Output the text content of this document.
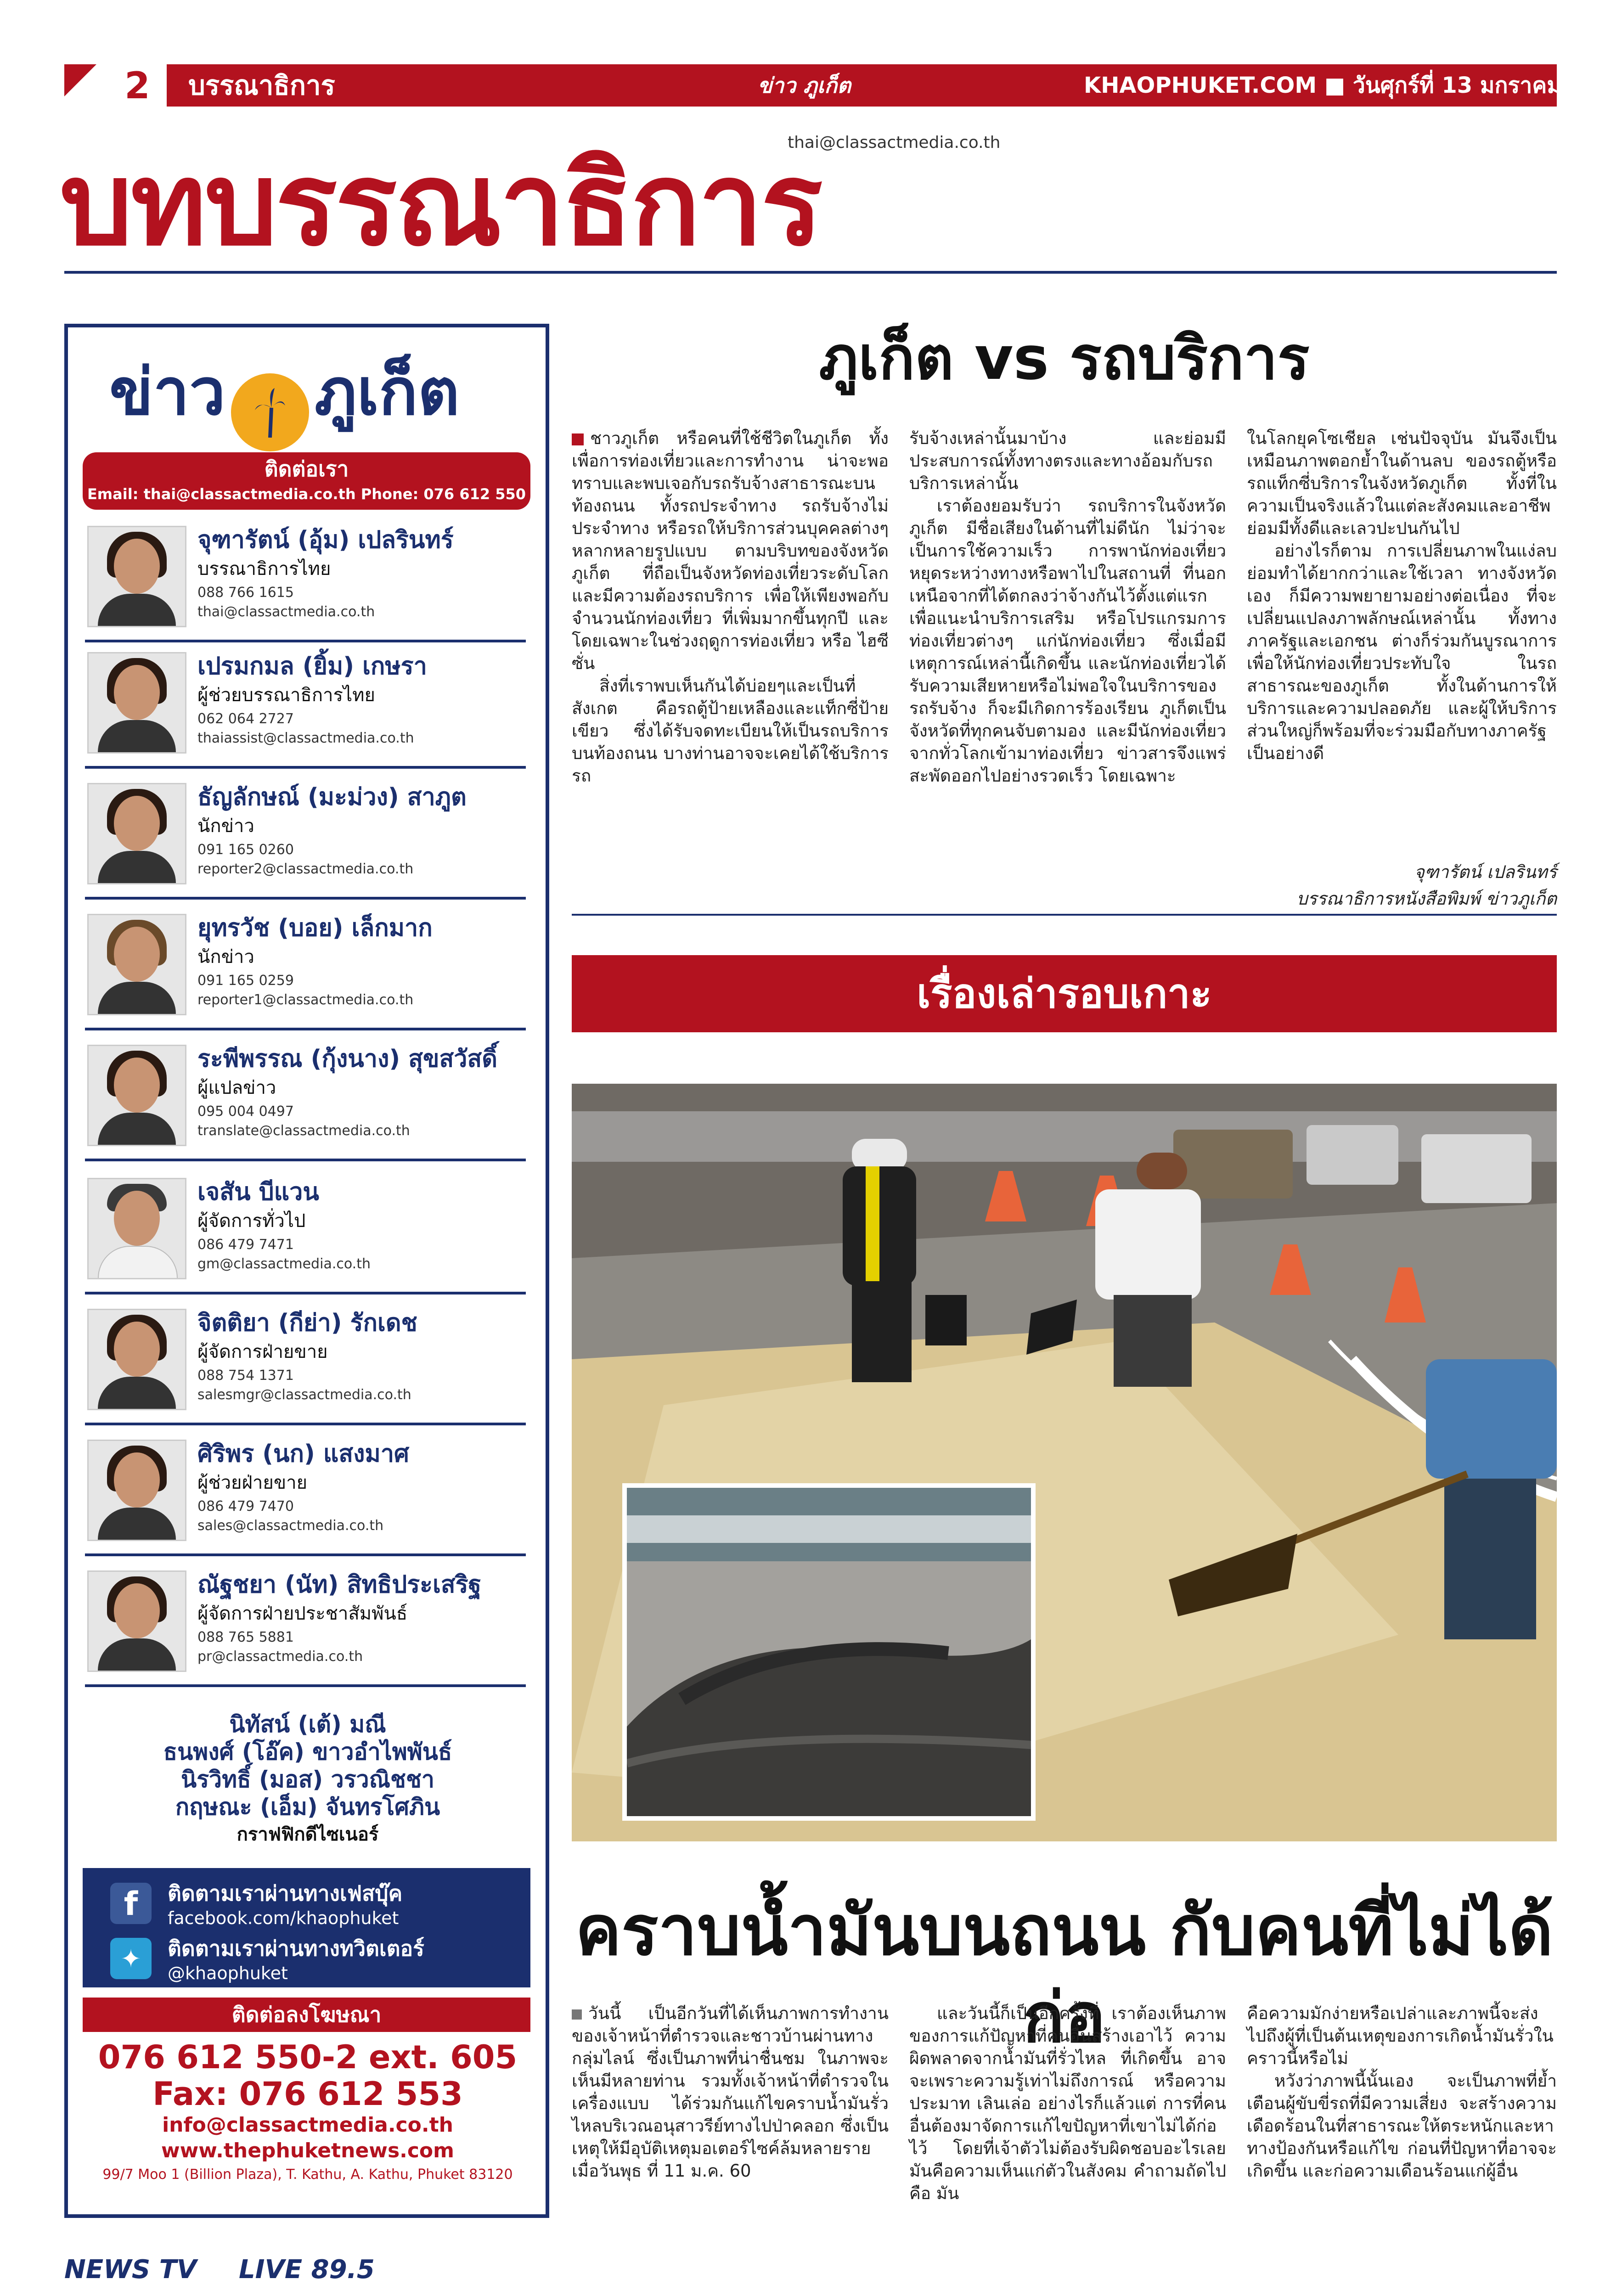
2	บรรณาธิการ	ข่าว ภูเก็ต	KHAOPHUKET.COM ■ วันศุกร์ที่ 13 มกราคม 2560
thai@classactmedia.co.th
บทบรรณาธิการ
ข่าว ภูเก็ต
ติดต่อเรา
Email: thai@classactmedia.co.th Phone: 076 612 550
จุฑารัตน์ (อุ้ม) เปลรินทร์
บรรณาธิการไทย
088 766 1615
thai@classactmedia.co.th
เปรมกมล (ยิ้ม) เกษรา
ผู้ช่วยบรรณาธิการไทย
062 064 2727
thaiassist@classactmedia.co.th
ธัญลักษณ์ (มะม่วง) สาภูต
นักข่าว
091 165 0260
reporter2@classactmedia.co.th
ยุทรวัช (บอย) เล็กมาก
นักข่าว
091 165 0259
reporter1@classactmedia.co.th
ระพีพรรณ (กุ้งนาง) สุขสวัสดิ์
ผู้แปลข่าว
095 004 0497
translate@classactmedia.co.th
เจสัน บีแวน
ผู้จัดการทั่วไป
086 479 7471
gm@classactmedia.co.th
จิตติยา (กีย่า) รักเดช
ผู้จัดการฝ่ายขาย
088 754 1371
salesmgr@classactmedia.co.th
ศิริพร (นก) แสงมาศ
ผู้ช่วยฝ่ายขาย
086 479 7470
sales@classactmedia.co.th
ณัฐชยา (นัท) สิทธิประเสริฐ
ผู้จัดการฝ่ายประชาสัมพันธ์
088 765 5881
pr@classactmedia.co.th
นิทัสน์ (เต้) มณี
ธนพงศ์ (โอ๊ค) ขาวอำไพพันธ์
นิรวิทธิ์ (มอส) วรวณิชชา
กฤษณะ (เอ็ม) จันทรโศภิน
กราฟฟิกดีไซเนอร์
f	ติดตามเราผ่านทางเฟสบุ๊ค
facebook.com/khaophuket
✦	ติดตามเราผ่านทางทวิตเตอร์
@khaophuket
ติดต่อลงโฆษณา
076 612 550-2 ext. 605
Fax: 076 612 553
info@classactmedia.co.th
www.thephuketnews.com
99/7 Moo 1 (Billion Plaza), T. Kathu, A. Kathu, Phuket 83120
NEWS TV LIVE 89.5
ภูเก็ต vs รถบริการ

ชาวภูเก็ต หรือคนที่ใช้ชีวิตในภูเก็ต ทั้งเพื่อการท่องเที่ยวและการทำงาน น่าจะพอทราบและพบเจอกับรถรับจ้างสาธารณะบนท้องถนน ทั้งรถประจำทาง รถรับจ้างไม่ประจำทาง หรือรถให้บริการส่วนบุคคลต่างๆ หลากหลายรูปแบบ ตามบริบทของจังหวัดภูเก็ต ที่ถือเป็นจังหวัดท่องเที่ยวระดับโลก และมีความต้องรถบริการ เพื่อให้เพียงพอกับจำนวนนักท่องเที่ยว ที่เพิ่มมากขึ้นทุกปี และโดยเฉพาะในช่วงฤดูการท่องเที่ยว หรือ ไฮซีซั่น

สิ่งที่เราพบเห็นกันได้บ่อยๆและเป็นที่สังเกต คือรถตู้ป้ายเหลืองและแท็กซี่ป้ายเขียว ซึ่งได้รับจดทะเบียนให้เป็นรถบริการบนท้องถนน บางท่านอาจจะเคยได้ใช้บริการรถ

รับจ้างเหล่านั้นมาบ้าง และย่อมมีประสบการณ์ทั้งทางตรงและทางอ้อมกับรถบริการเหล่านั้น

เราต้องยอมรับว่า รถบริการในจังหวัดภูเก็ต มีชื่อเสียงในด้านที่ไม่ดีนัก ไม่ว่าจะเป็นการใช้ความเร็ว การพานักท่องเที่ยวหยุดระหว่างทางหรือพาไปในสถานที่ ที่นอกเหนือจากที่ได้ตกลงว่าจ้างกันไว้ตั้งแต่แรก เพื่อแนะนำบริการเสริม หรือโปรแกรมการท่องเที่ยวต่างๆ แก่นักท่องเที่ยว ซึ่งเมื่อมีเหตุการณ์เหล่านี้เกิดขึ้น และนักท่องเที่ยวได้รับความเสียหายหรือไม่พอใจในบริการของรถรับจ้าง ก็จะมีเกิดการร้องเรียน ภูเก็ตเป็นจังหวัดที่ทุกคนจับตามอง และมีนักท่องเที่ยวจากทั่วโลกเข้ามาท่องเที่ยว ข่าวสารจึงแพร่สะพัดออกไปอย่างรวดเร็ว โดยเฉพาะ

ในโลกยุคโซเชียล เช่นปัจจุบัน มันจึงเป็นเหมือนภาพตอกย้ำในด้านลบ ของรถตู้หรือรถแท็กซี่บริการในจังหวัดภูเก็ต ทั้งที่ในความเป็นจริงแล้วในแต่ละสังคมและอาชีพย่อมมีทั้งดีและเลวปะปนกันไป

อย่างไรก็ตาม การเปลี่ยนภาพในแง่ลบย่อมทำได้ยากกว่าและใช้เวลา ทางจังหวัดเอง ก็มีความพยายามอย่างต่อเนื่อง ที่จะเปลี่ยนแปลงภาพลักษณ์เหล่านั้น ทั้งทางภาครัฐและเอกชน ต่างก็ร่วมกันบูรณาการ เพื่อให้นักท่องเที่ยวประทับใจ ในรถสาธารณะของภูเก็ต ทั้งในด้านการให้บริการและความปลอดภัย และผู้ให้บริการส่วนใหญ่ก็พร้อมที่จะร่วมมือกับทางภาครัฐเป็นอย่างดี

จุฑารัตน์ เปลรินทร์
บรรณาธิการหนังสือพิมพ์ ข่าวภูเก็ต
เรื่องเล่ารอบเกาะ
คราบน้ำมันบนถนน กับคนที่ไม่ได้ก่อ

วันนี้ เป็นอีกวันที่ได้เห็นภาพการทำงานของเจ้าหน้าที่ตำรวจและชาวบ้านผ่านทางกลุ่มไลน์ ซึ่งเป็นภาพที่น่าชื่นชม ในภาพจะเห็นมีหลายท่าน รวมทั้งเจ้าหน้าที่ตำรวจในเครื่องแบบ ได้ร่วมกันแก้ไขคราบน้ำมันรั่วไหลบริเวณอนุสาวรีย์ทางไปป่าคลอก ซึ่งเป็นเหตุให้มีอุบัติเหตุมอเตอร์ไซค์ล้มหลายราย เมื่อวันพุธ ที่ 11 ม.ค. 60

และวันนี้ก็เป็นอีกครั้งที่ เราต้องเห็นภาพของการแก้ปัญหาที่คนอื่นสร้างเอาไว้ ความผิดพลาดจากน้ำมันที่รั่วไหล ที่เกิดขึ้น อาจจะเพราะความรู้เท่าไม่ถึงการณ์ หรือความประมาท เลินเล่อ อย่างไรก็แล้วแต่ การที่คนอื่นต้องมาจัดการแก้ไขปัญหาที่เขาไม่ได้ก่อไว้ โดยที่เจ้าตัวไม่ต้องรับผิดชอบอะไรเลย มันคือความเห็นแก่ตัวในสังคม คำถามถัดไปคือ มัน

คือความมักง่ายหรือเปล่าและภาพนี้จะส่งไปถึงผู้ที่เป็นต้นเหตุของการเกิดน้ำมันรั่วในคราวนี้หรือไม่

หวังว่าภาพนี้นั้นเอง จะเป็นภาพที่ย้ำเตือนผู้ขับขี่รถที่มีความเสี่ยง จะสร้างความเดือดร้อนในที่สาธารณะให้ตระหนักและหาทางป้องกันหรือแก้ไข ก่อนที่ปัญหาที่อาจจะเกิดขึ้น และก่อความเดือนร้อนแก่ผู้อื่น
